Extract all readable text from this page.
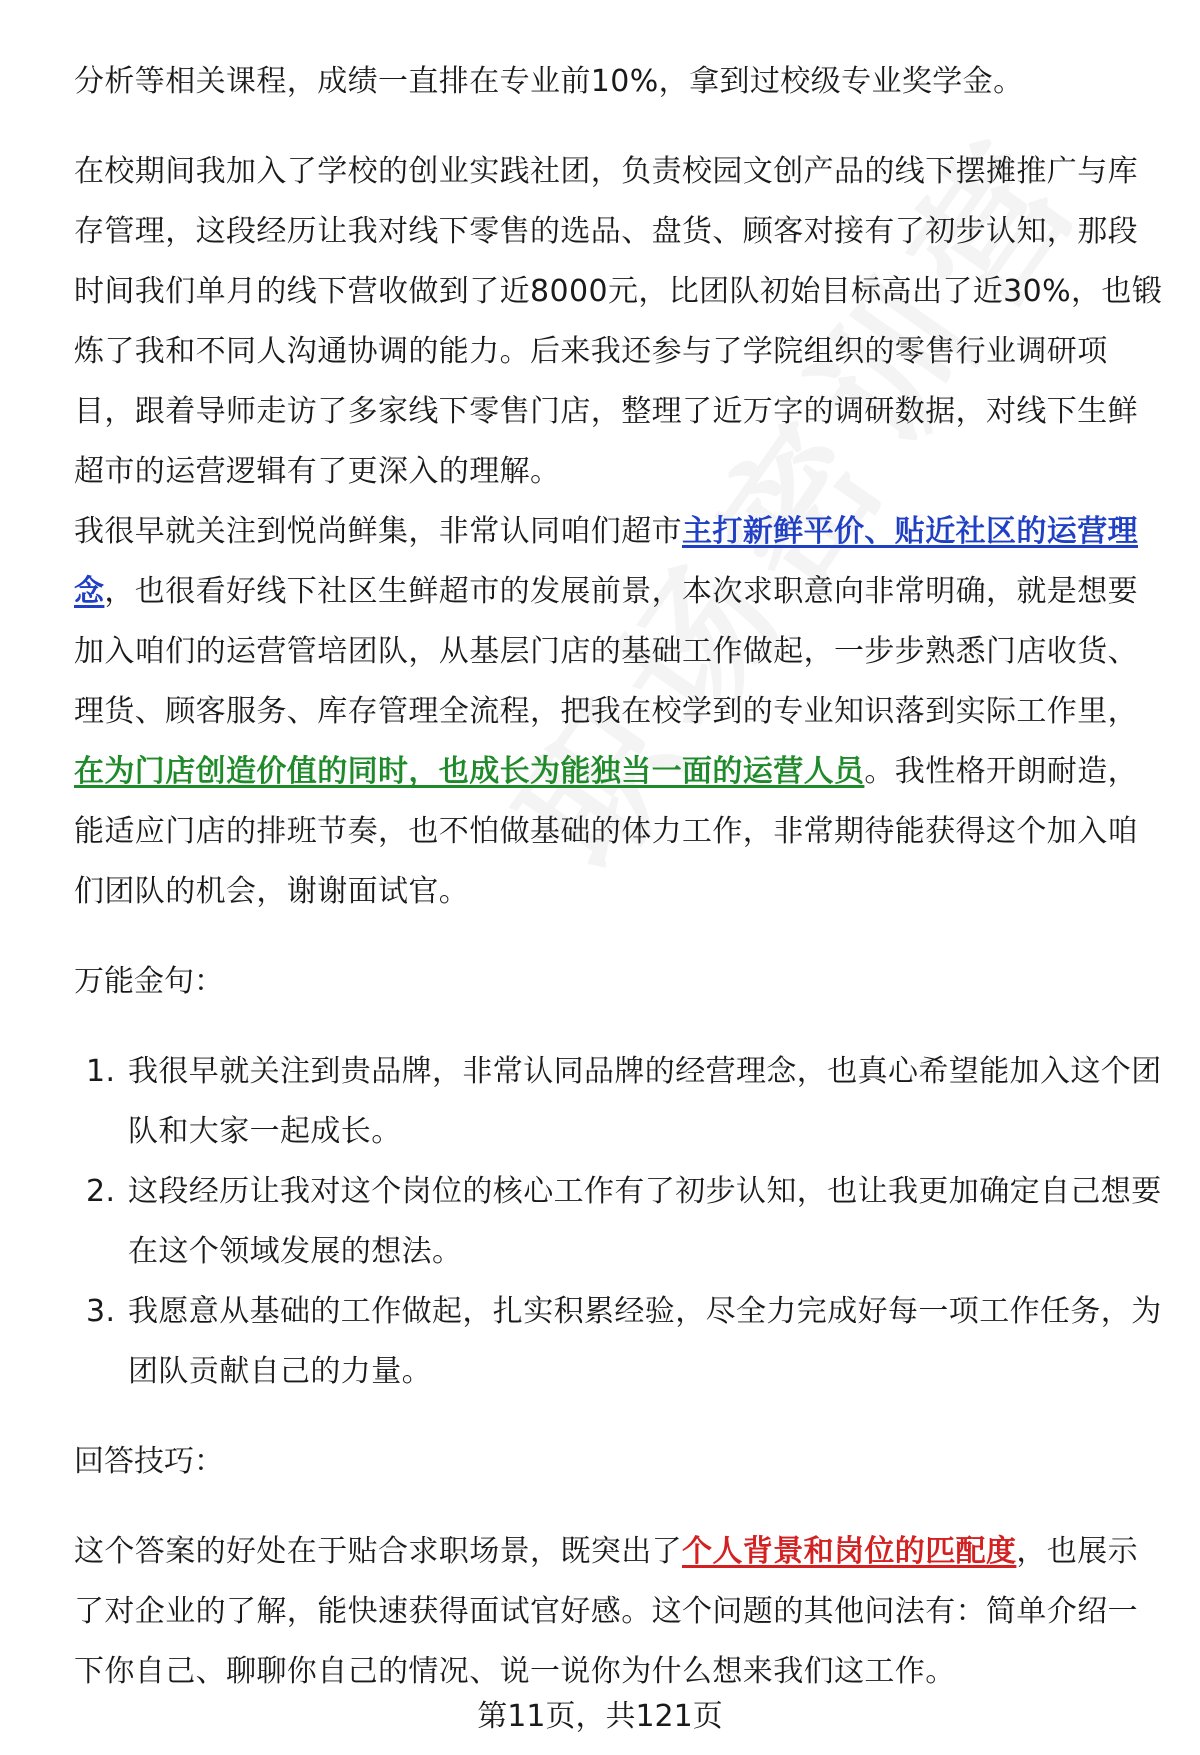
分析等相关课程，成绩一直排在专业前10%，拿到过校级专业奖学金。

在校期间我加入了学校的创业实践社团，负责校园文创产品的线下摆摊推广与库存管理，这段经历让我对线下零售的选品、盘货、顾客对接有了初步认知，那段时间我们单月的线下营收做到了近8000元，比团队初始目标高出了近30%，也锻炼了我和不同人沟通协调的能力。后来我还参与了学院组织的零售行业调研项目，跟着导师走访了多家线下零售门店，整理了近万字的调研数据，对线下生鲜超市的运营逻辑有了更深入的理解。

我很早就关注到悦尚鲜集，非常认同咱们超市主打新鲜平价、贴近社区的运营理念，也很看好线下社区生鲜超市的发展前景，本次求职意向非常明确，就是想要加入咱们的运营管培团队，从基层门店的基础工作做起，一步步熟悉门店收货、理货、顾客服务、库存管理全流程，把我在校学到的专业知识落到实际工作里，在为门店创造价值的同时，也成长为能独当一面的运营人员。我性格开朗耐造，能适应门店的排班节奏，也不怕做基础的体力工作，非常期待能获得这个加入咱们团队的机会，谢谢面试官。

万能金句：

1. 我很早就关注到贵品牌，非常认同品牌的经营理念，也真心希望能加入这个团队和大家一起成长。
2. 这段经历让我对这个岗位的核心工作有了初步认知，也让我更加确定自己想要在这个领域发展的想法。
3. 我愿意从基础的工作做起，扎实积累经验，尽全力完成好每一项工作任务，为团队贡献自己的力量。

回答技巧：

这个答案的好处在于贴合求职场景，既突出了个人背景和岗位的匹配度，也展示了对企业的了解，能快速获得面试官好感。这个问题的其他问法有：简单介绍一下你自己、聊聊你自己的情况、说一说你为什么想来我们这工作。

第11页，共121页
